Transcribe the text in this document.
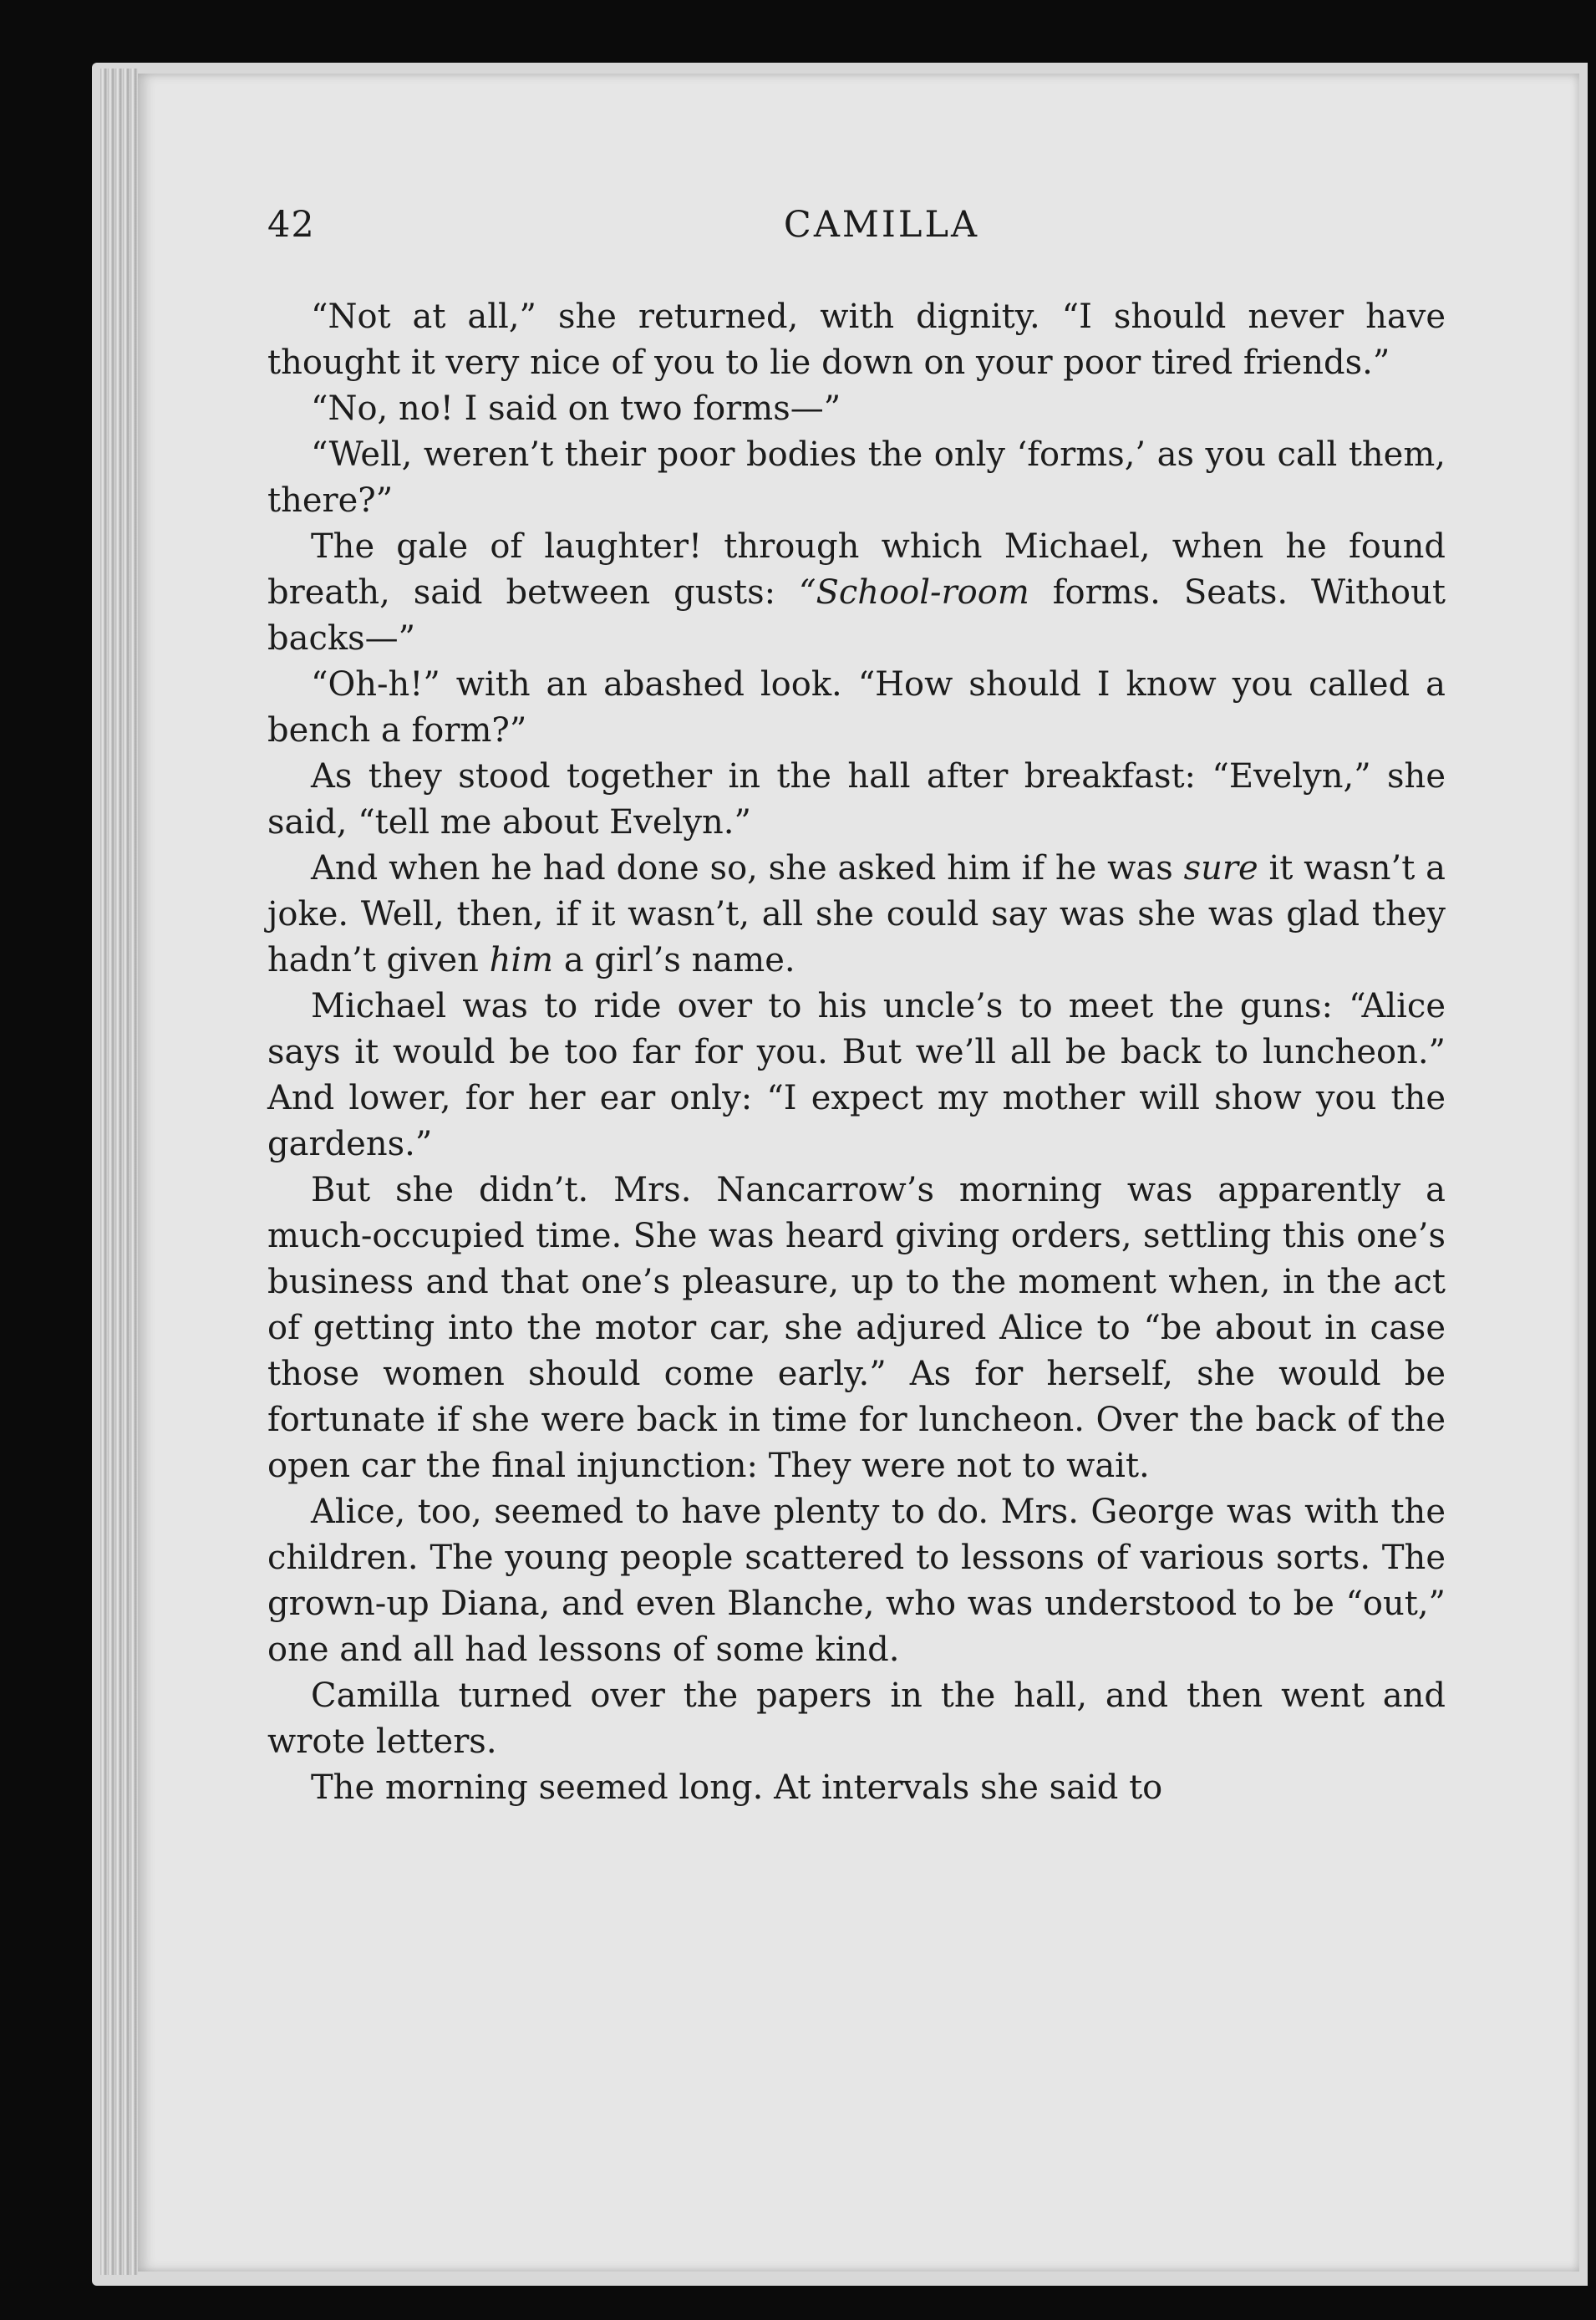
42	CAMILLA

“Not at all,” she returned, with dignity. “I should never have thought it very nice of you to lie down on your poor tired friends.”

“No, no! I said on two forms—”

“Well, weren’t their poor bodies the only ‘forms,’ as you call them, there?”

The gale of laughter! through which Michael, when he found breath, said between gusts: “School-room forms. Seats. Without backs—”

“Oh-h!” with an abashed look. “How should I know you called a bench a form?”

As they stood together in the hall after breakfast: “Evelyn,” she said, “tell me about Evelyn.”

And when he had done so, she asked him if he was sure it wasn’t a joke. Well, then, if it wasn’t, all she could say was she was glad they hadn’t given him a girl’s name.

Michael was to ride over to his uncle’s to meet the guns: “Alice says it would be too far for you. But we’ll all be back to luncheon.” And lower, for her ear only: “I expect my mother will show you the gardens.”

But she didn’t. Mrs. Nancarrow’s morning was apparently a much-occupied time. She was heard giving orders, settling this one’s business and that one’s pleasure, up to the moment when, in the act of getting into the motor car, she adjured Alice to “be about in case those women should come early.” As for herself, she would be fortunate if she were back in time for luncheon. Over the back of the open car the final injunction: They were not to wait.

Alice, too, seemed to have plenty to do. Mrs. George was with the children. The young people scattered to lessons of various sorts. The grown-up Diana, and even Blanche, who was understood to be “out,” one and all had lessons of some kind.

Camilla turned over the papers in the hall, and then went and wrote letters.

The morning seemed long. At intervals she said to
